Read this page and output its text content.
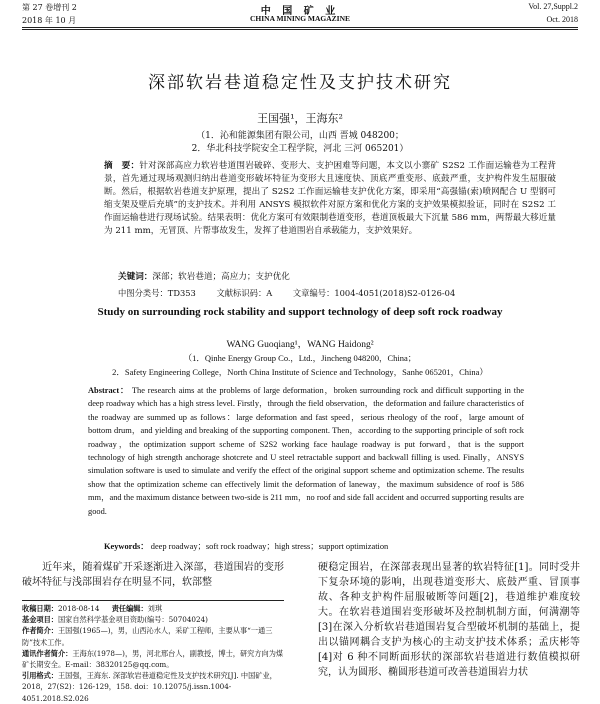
第 27 卷增刊 2
2018 年 10 月
中 国 矿 业
CHINA MINING MAGAZINE
Vol. 27,Suppl.2
Oct. 2018
深部软岩巷道稳定性及支护技术研究
王国强¹，王海东²
（1．沁和能源集团有限公司，山西 晋城 048200；
2．华北科技学院安全工程学院，河北 三河 065201）
摘　要：针对深部高应力软岩巷道围岩破碎、变形大、支护困难等问题，本文以小寨矿 S2S2 工作面运输巷为工程背景，首先通过现场观测归纳出巷道变形破坏特征为变形大且速度快、顶底严重变形、底鼓严重，支护构件发生屈服破断。然后，根据软岩巷道支护原理，提出了 S2S2 工作面运输巷支护优化方案，即采用“高强锚(索)喷网配合 U 型钢可缩支架及壁后充填”的支护技术。并利用 ANSYS 模拟软件对原方案和优化方案的支护效果模拟验证，同时在 S2S2 工作面运输巷进行现场试验。结果表明：优化方案可有效限制巷道变形，巷道顶板最大下沉量 586 mm，两帮最大移近量为 211 mm，无冒顶、片帮事故发生，发挥了巷道围岩自承载能力，支护效果好。
关键词：深部；软岩巷道；高应力；支护优化
中图分类号：TD353 文献标识码：A 文章编号：1004-4051(2018)S2-0126-04
Study on surrounding rock stability and support technology of deep soft rock roadway
WANG Guoqiang¹，WANG Haidong²
（1．Qinhe Energy Group Co.，Ltd.，Jincheng 048200，China；
2．Safety Engineering College，North China Institute of Science and Technology，Sanhe 065201，China）
Abstract： The research aims at the problems of large deformation，broken surrounding rock and difficult supporting in the deep roadway which has a high stress level. Firstly，through the field observation，the deformation and failure characteristics of the roadway are summed up as follows：large deformation and fast speed，serious rheology of the roof，large amount of bottom drum，and yielding and breaking of the supporting component. Then，according to the supporting principle of soft rock roadway，the optimization support scheme of S2S2 working face haulage roadway is put forward，that is the support technology of high strength anchorage shotcrete and U steel retractable support and backwall filling is used. Finally，ANSYS simulation software is used to simulate and verify the effect of the original support scheme and optimization scheme. The results show that the optimization scheme can effectively limit the deformation of laneway，the maximum subsidence of roof is 586 mm，and the maximum distance between two-side is 211 mm，no roof and side fall accident and occurred supporting results are good.
Keywords： deep roadway；soft rock roadway；high stress；support optimization
　　近年来，随着煤矿开采逐渐进入深部，巷道围岩的变形破坏特征与浅部围岩存在明显不同，软部整
硬稳定围岩，在深部表现出显著的软岩特征[1]。同时受井下复杂环境的影响，出现巷道变形大、底鼓严重、冒顶事故、各种支护构件屈服破断等问题[2]，巷道维护难度较大。在软岩巷道围岩变形破坏及控制机制方面，何满潮等[3]在深入分析软岩巷道围岩复合型破坏机制的基础上，提出以锚网耦合支护为核心的主动支护技术体系；孟庆彬等[4]对 6 种不同断面形状的深部软岩巷道进行数值模拟研究，认为圆形、椭圆形巷道可改善巷道围岩力状
收稿日期：2018-08-14 责任编辑：刘琪
基金项目：国家自然科学基金项目资助(编号：50704024)
作者简介：王国强(1965—)，男，山西沁水人，采矿工程师，主要从事“一通三防”技术工作。
通讯作者简介：王海东(1978—)，男，河北邢台人，副教授，博士，研究方向为煤矿长期安全。E-mail：38320125@qq.com。
引用格式：王国强，王海东. 深部软岩巷道稳定性及支护技术研究[J]. 中国矿业，2018，27(S2)：126-129，158. doi：10.12075/j.issn.1004-4051.2018.S2.026
